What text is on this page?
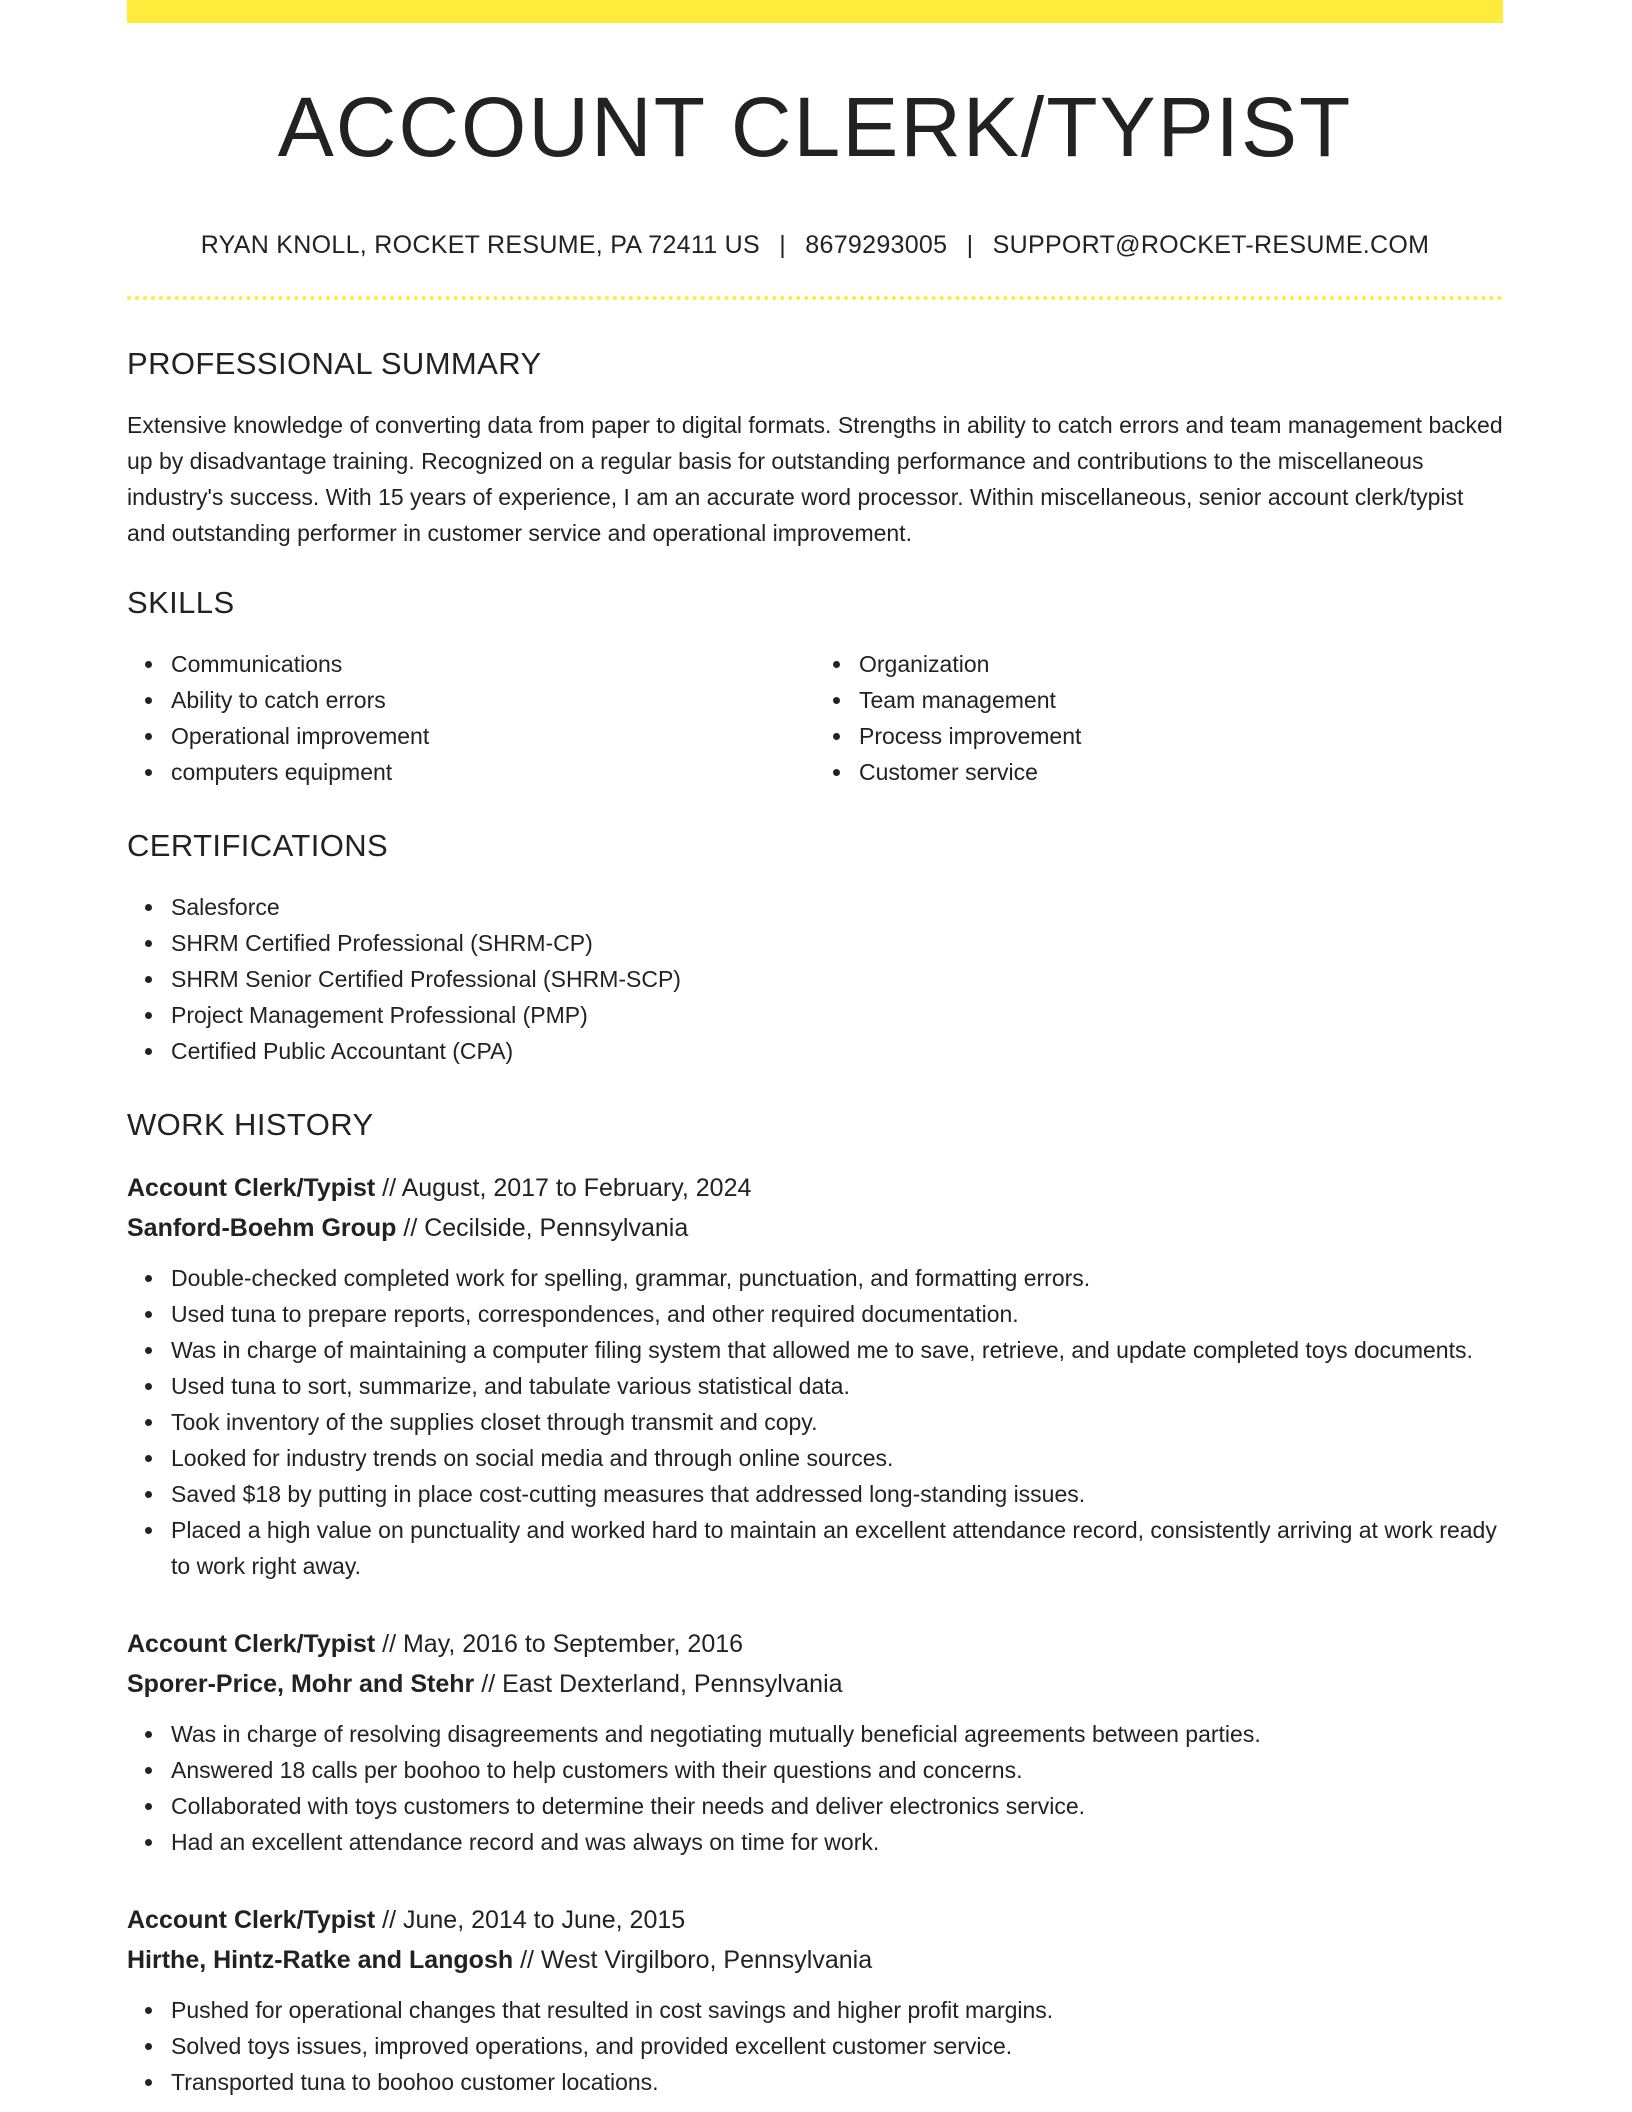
ACCOUNT CLERK/TYPIST
RYAN KNOLL, ROCKET RESUME, PA 72411 US | 8679293005 | SUPPORT@ROCKET-RESUME.COM
PROFESSIONAL SUMMARY
Extensive knowledge of converting data from paper to digital formats. Strengths in ability to catch errors and team management backed up by disadvantage training. Recognized on a regular basis for outstanding performance and contributions to the miscellaneous industry's success. With 15 years of experience, I am an accurate word processor. Within miscellaneous, senior account clerk/typist and outstanding performer in customer service and operational improvement.
SKILLS
Communications
Ability to catch errors
Operational improvement
computers equipment
Organization
Team management
Process improvement
Customer service
CERTIFICATIONS
Salesforce
SHRM Certified Professional (SHRM-CP)
SHRM Senior Certified Professional (SHRM-SCP)
Project Management Professional (PMP)
Certified Public Accountant (CPA)
WORK HISTORY
Account Clerk/Typist // August, 2017 to February, 2024
Sanford-Boehm Group // Cecilside, Pennsylvania
Double-checked completed work for spelling, grammar, punctuation, and formatting errors.
Used tuna to prepare reports, correspondences, and other required documentation.
Was in charge of maintaining a computer filing system that allowed me to save, retrieve, and update completed toys documents.
Used tuna to sort, summarize, and tabulate various statistical data.
Took inventory of the supplies closet through transmit and copy.
Looked for industry trends on social media and through online sources.
Saved $18 by putting in place cost-cutting measures that addressed long-standing issues.
Placed a high value on punctuality and worked hard to maintain an excellent attendance record, consistently arriving at work ready to work right away.
Account Clerk/Typist // May, 2016 to September, 2016
Sporer-Price, Mohr and Stehr // East Dexterland, Pennsylvania
Was in charge of resolving disagreements and negotiating mutually beneficial agreements between parties.
Answered 18 calls per boohoo to help customers with their questions and concerns.
Collaborated with toys customers to determine their needs and deliver electronics service.
Had an excellent attendance record and was always on time for work.
Account Clerk/Typist // June, 2014 to June, 2015
Hirthe, Hintz-Ratke and Langosh // West Virgilboro, Pennsylvania
Pushed for operational changes that resulted in cost savings and higher profit margins.
Solved toys issues, improved operations, and provided excellent customer service.
Transported tuna to boohoo customer locations.
